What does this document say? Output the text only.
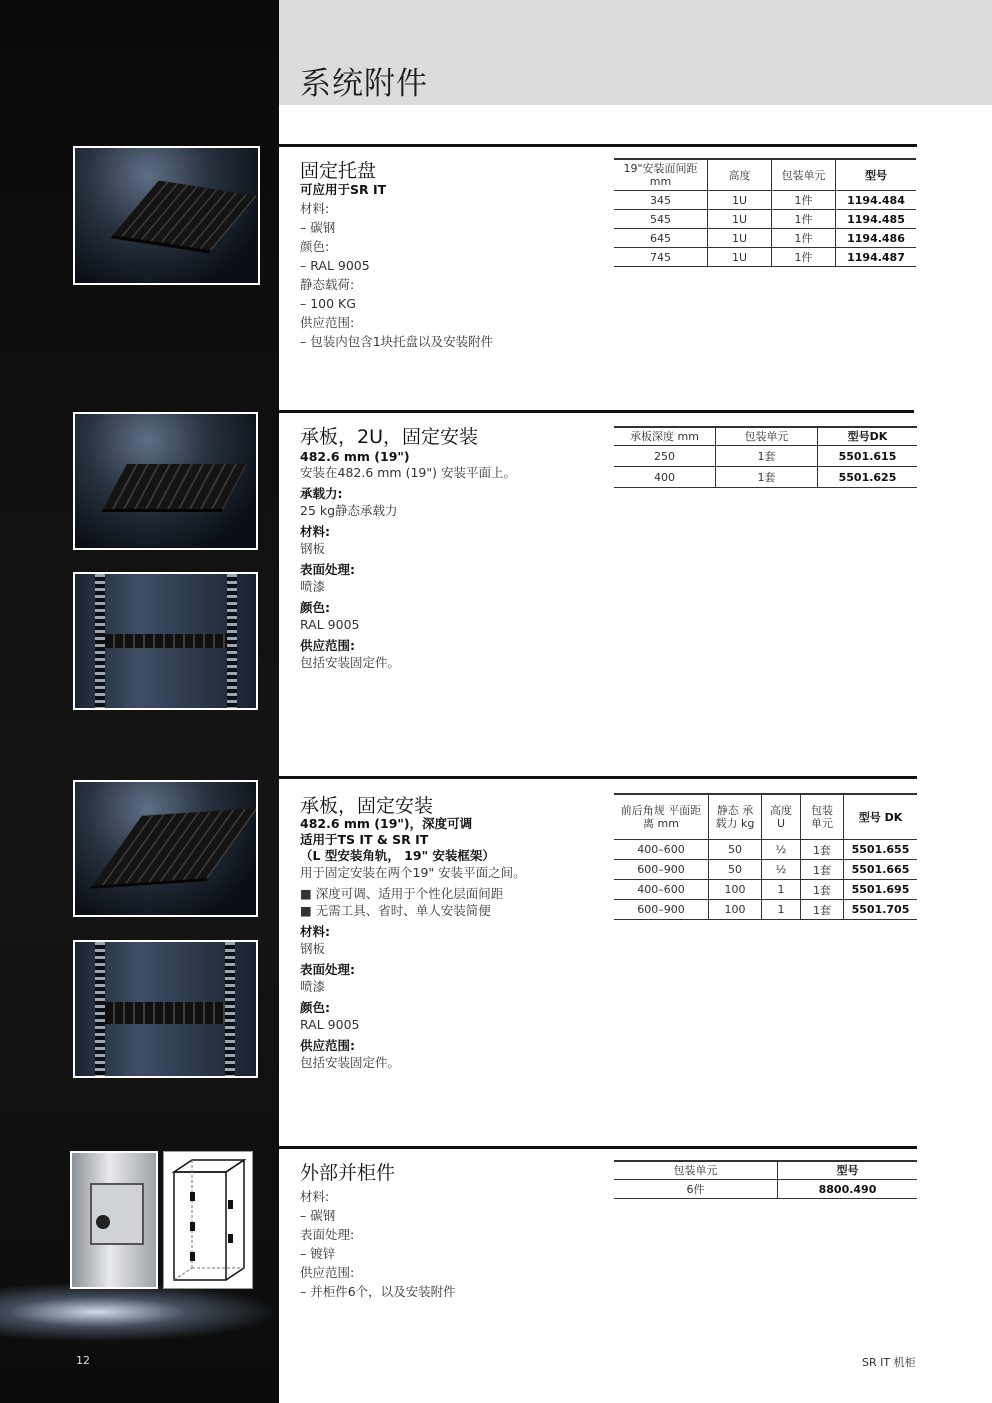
系统附件
固定托盘
可应用于SR IT
材料:
– 碳钢
颜色:
– RAL 9005
静态载荷:
– 100 KG
供应范围:
– 包装内包含1块托盘以及安装附件
19"安装面间距 mm	高度	包装单元	型号
345	1U	1件	1194.484
545	1U	1件	1194.485
645	1U	1件	1194.486
745	1U	1件	1194.487
承板，2U，固定安装
482.6 mm (19")
安装在482.6 mm (19") 安装平面上。
承载力:
25 kg静态承载力
材料:
钢板
表面处理:
喷漆
颜色:
RAL 9005
供应范围:
包括安装固定件。
承板深度 mm	包装单元	型号DK
250	1套	5501.615
400	1套	5501.625
承板，固定安装
482.6 mm (19")，深度可调
适用于TS IT & SR IT
（L 型安装角轨， 19" 安装框架）
用于固定安装在两个19" 安装平面之间。
■ 深度可调、适用于个性化层面间距
■ 无需工具、省时、单人安装简便
材料:
钢板
表面处理:
喷漆
颜色:
RAL 9005
供应范围:
包括安装固定件。
前后角规 平面距离 mm	静态 承载力 kg	高度 U	包装 单元	型号 DK
400–600	50	½	1套	5501.655
600–900	50	½	1套	5501.665
400–600	100	1	1套	5501.695
600–900	100	1	1套	5501.705
外部并柜件
材料:
– 碳钢
表面处理:
– 镀锌
供应范围:
– 并柜件6个，以及安装附件
包装单元	型号
6件	8800.490
12	SR IT 机柜
